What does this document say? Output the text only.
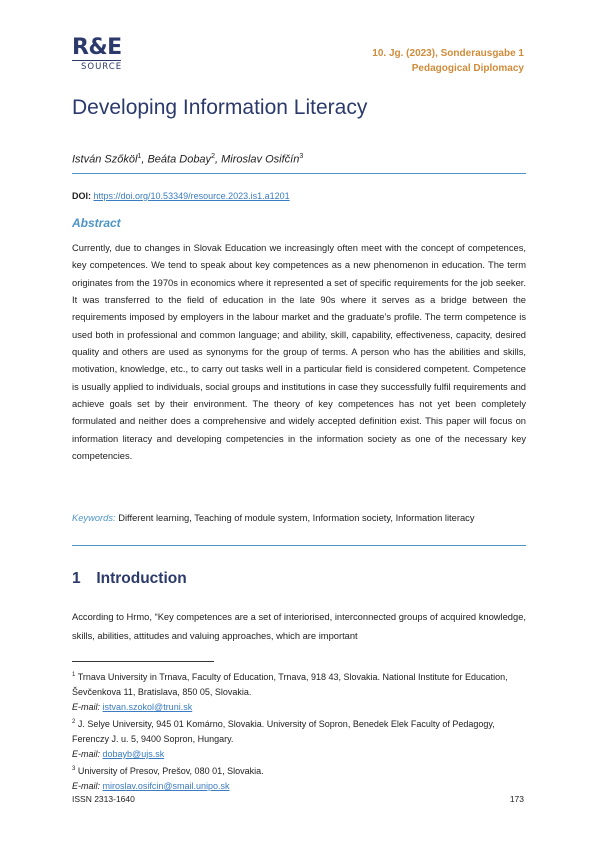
R&E
SOURCE
10. Jg. (2023), Sonderausgabe 1
Pedagogical Diplomacy
Developing Information Literacy
István Szőköl$^1$, Beáta Dobay$^2$, Miroslav Osifčín$^3$
DOI: https://doi.org/10.53349/resource.2023.is1.a1201
Abstract
Currently, due to changes in Slovak Education we increasingly often meet with the concept of competences, key competences. We tend to speak about key competences as a new phenomenon in education. The term originates from the 1970s in economics where it represented a set of specific requirements for the job seeker. It was transferred to the field of education in the late 90s where it serves as a bridge between the requirements imposed by employers in the labour market and the graduate’s profile. The term competence is used both in professional and common language; and ability, skill, capability, effectiveness, capacity, desired quality and others are used as synonyms for the group of terms. A person who has the abilities and skills, motivation, knowledge, etc., to carry out tasks well in a particular field is considered competent. Competence is usually applied to individuals, social groups and institutions in case they successfully fulfil requirements and achieve goals set by their environment. The theory of key competences has not yet been completely formulated and neither does a comprehensive and widely accepted definition exist. This paper will focus on information literacy and developing competencies in the information society as one of the necessary key competencies.
Keywords: Different learning, Teaching of module system, Information society, Information literacy
1 Introduction
According to Hrmo, “Key competences are a set of interiorised, interconnected groups of acquired knowledge, skills, abilities, attitudes and valuing approaches, which are important
$^1$ Trnava University in Trnava, Faculty of Education, Trnava, 918 43, Slovakia. National Institute for Education, Ševčenkova 11, Bratislava, 850 05, Slovakia.
E-mail: istvan.szokol@truni.sk
$^2$ J. Selye University, 945 01 Komárno, Slovakia. University of Sopron, Benedek Elek Faculty of Pedagogy, Ferenczy J. u. 5, 9400 Sopron, Hungary.
E-mail: dobayb@ujs.sk
$^3$ University of Presov, Prešov, 080 01, Slovakia.
E-mail: miroslav.osifcin@smail.unipo.sk
ISSN 2313-1640	173
